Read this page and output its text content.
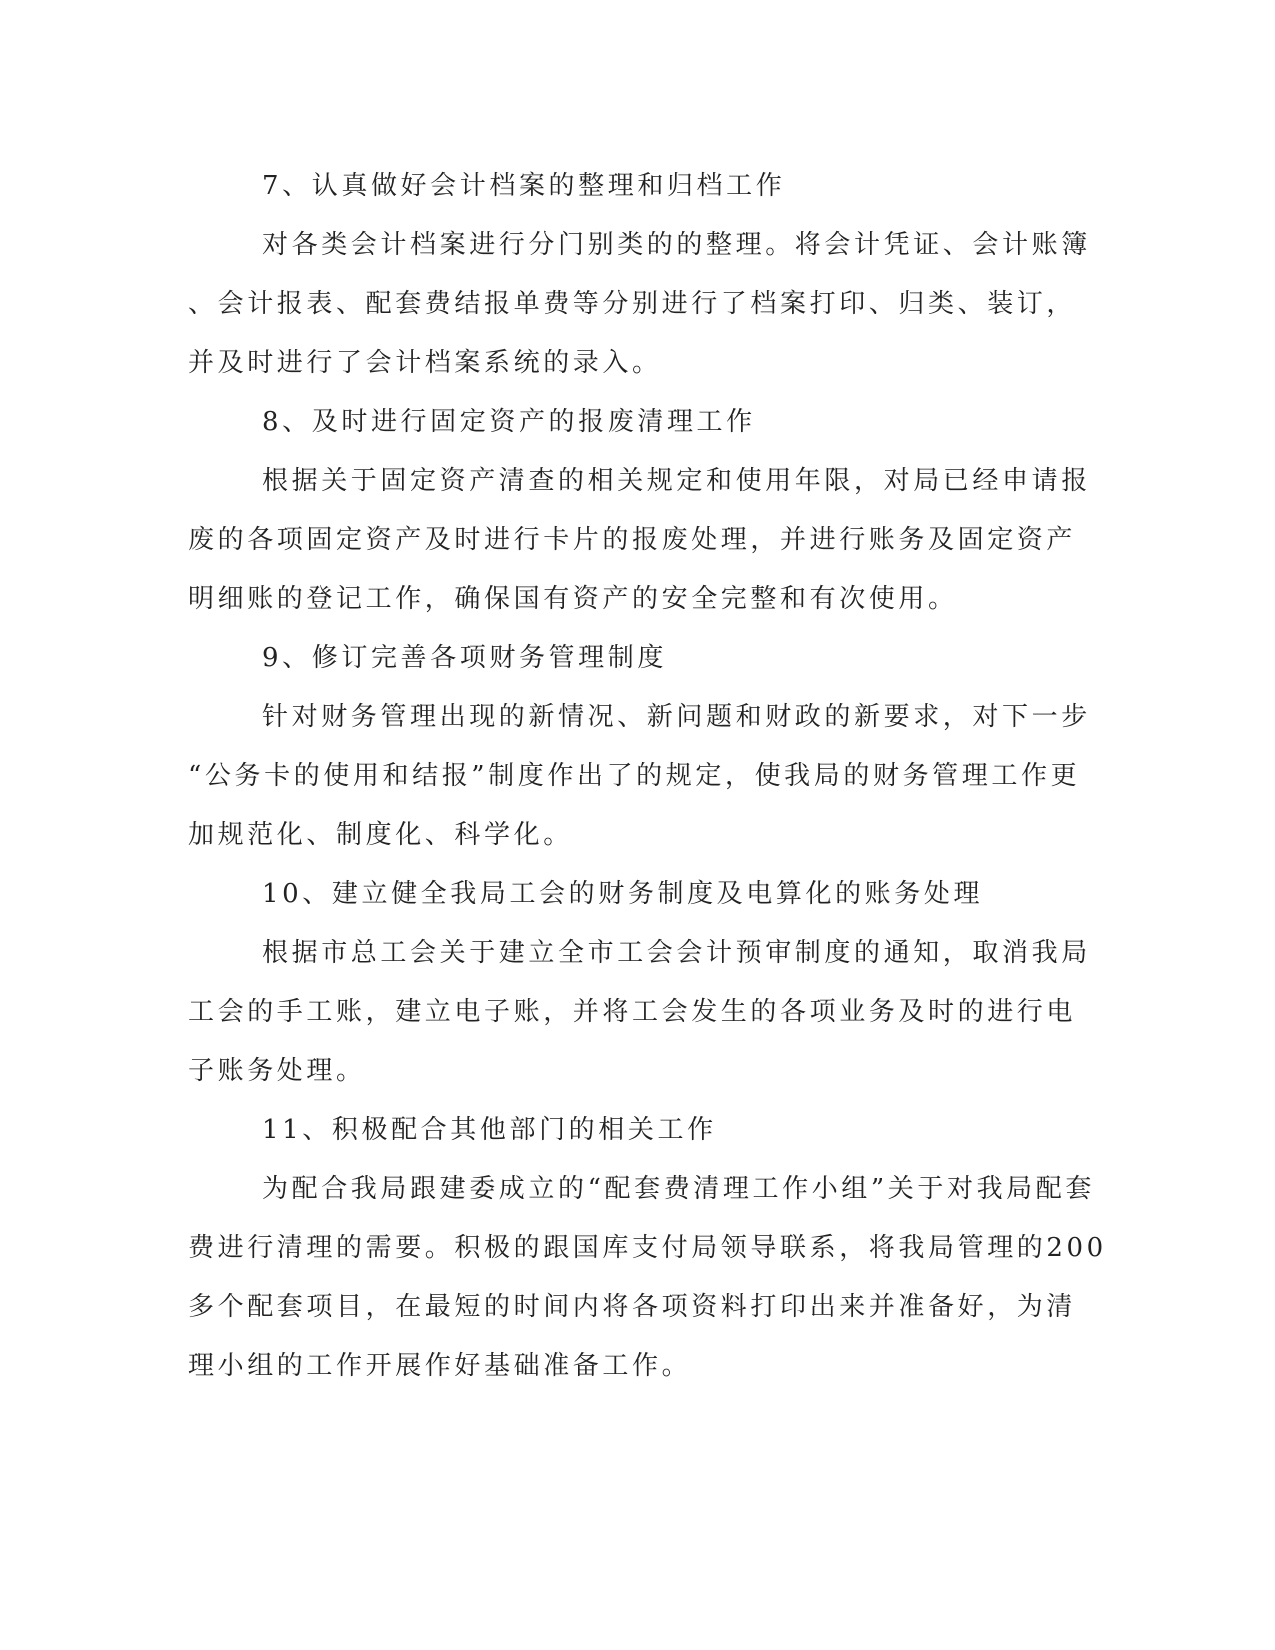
7、认真做好会计档案的整理和归档工作
对各类会计档案进行分门别类的的整理。将会计凭证、会计账簿
、会计报表、配套费结报单费等分别进行了档案打印、归类、装订，
并及时进行了会计档案系统的录入。
8、及时进行固定资产的报废清理工作
根据关于固定资产清查的相关规定和使用年限，对局已经申请报
废的各项固定资产及时进行卡片的报废处理，并进行账务及固定资产
明细账的登记工作，确保国有资产的安全完整和有次使用。
9、修订完善各项财务管理制度
针对财务管理出现的新情况、新问题和财政的新要求，对下一步
“公务卡的使用和结报”制度作出了的规定，使我局的财务管理工作更
加规范化、制度化、科学化。
10、建立健全我局工会的财务制度及电算化的账务处理
根据市总工会关于建立全市工会会计预审制度的通知，取消我局
工会的手工账，建立电子账，并将工会发生的各项业务及时的进行电
子账务处理。
11、积极配合其他部门的相关工作
为配合我局跟建委成立的“配套费清理工作小组”关于对我局配套
费进行清理的需要。积极的跟国库支付局领导联系，将我局管理的200
多个配套项目，在最短的时间内将各项资料打印出来并准备好，为清
理小组的工作开展作好基础准备工作。
